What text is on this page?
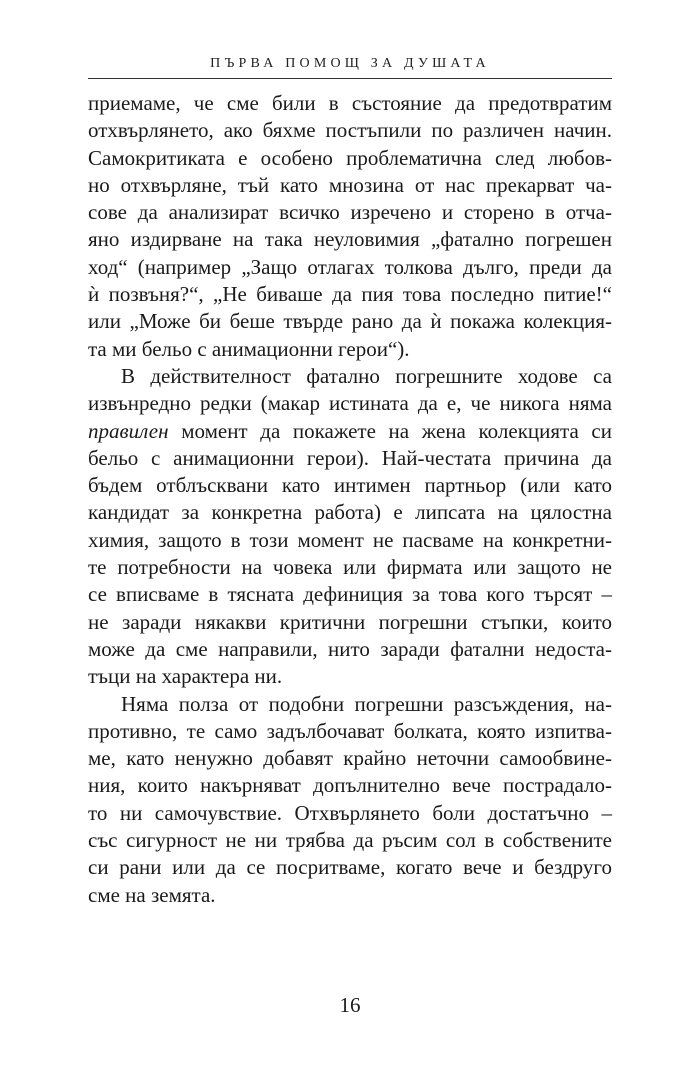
ПЪРВА ПОМОЩ ЗА ДУШАТА

приемаме, че сме били в състояние да предотвратим
отхвърлянето, ако бяхме постъпили по различен начин.
Самокритиката е особено проблематична след любов-
но отхвърляне, тъй като мнозина от нас прекарват ча-
сове да анализират всичко изречено и сторено в отча-
яно издирване на така неуловимия „фатално погрешен
ход“ (например „Защо отлагах толкова дълго, преди да
ѝ позвъня?“, „Не биваше да пия това последно питие!“
или „Може би беше твърде рано да ѝ покажа колекция-
та ми бельо с анимационни герои“).

В действителност фатално погрешните ходове са
извънредно редки (макар истината да е, че никога няма
правилен момент да покажете на жена колекцията си
бельо с анимационни герои). Най-честата причина да
бъдем отблъсквани като интимен партньор (или като
кандидат за конкретна работа) е липсата на цялостна
химия, защото в този момент не пасваме на конкретни-
те потребности на човека или фирмата или защото не
се вписваме в тясната дефиниция за това кого търсят –
не заради някакви критични погрешни стъпки, които
може да сме направили, нито заради фатални недоста-
тъци на характера ни.

Няма полза от подобни погрешни разсъждения, на-
противно, те само задълбочават болката, която изпитва-
ме, като ненужно добавят крайно неточни самообвине-
ния, които накърняват допълнително вече пострадало-
то ни самочувствие. Отхвърлянето боли достатъчно –
със сигурност не ни трябва да ръсим сол в собствените
си рани или да се посритваме, когато вече и бездруго
сме на земята.

16
